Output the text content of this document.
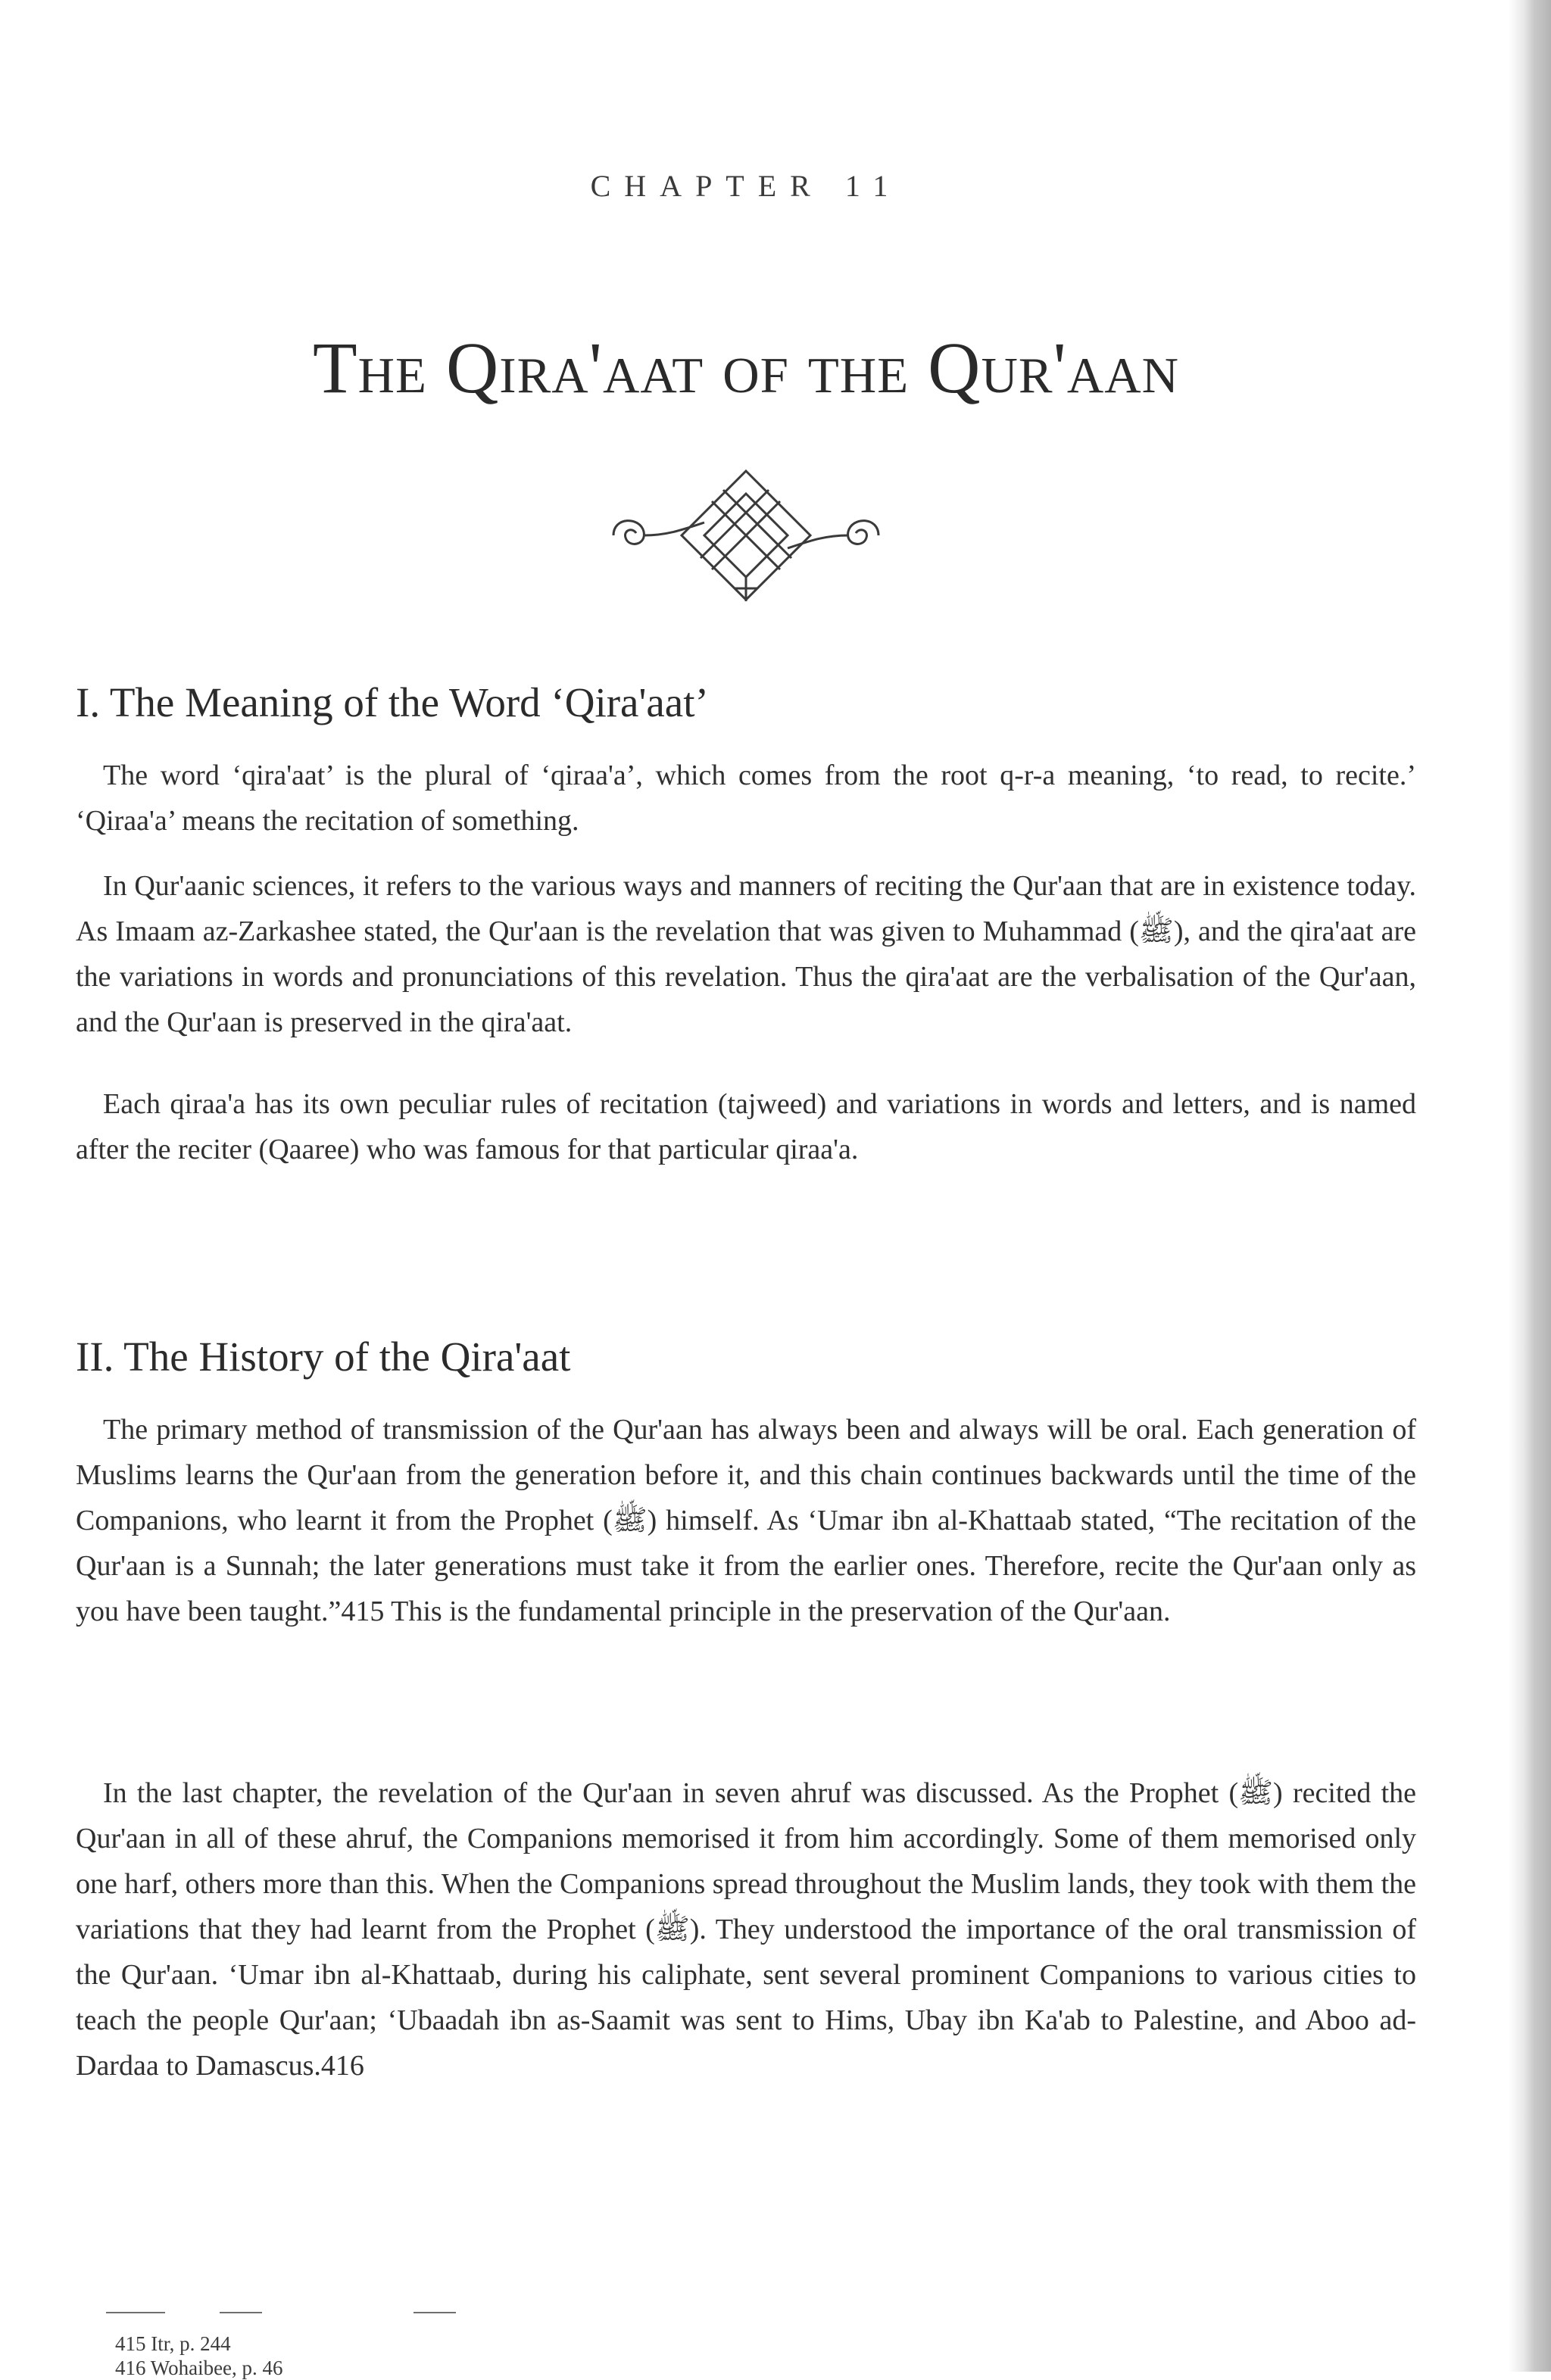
CHAPTER 11
The Qira'aat of the Qur'aan
I. The Meaning of the Word ‘Qira'aat’

The word ‘qira'aat’ is the plural of ‘qiraa'a’, which comes from the root q-r-a meaning, ‘to read, to recite.’ ‘Qiraa'a’ means the recitation of something.

In Qur'aanic sciences, it refers to the various ways and manners of reciting the Qur'aan that are in existence today. As Imaam az-Zarkashee stated, the Qur'aan is the revelation that was given to Muhammad (ﷺ), and the qira'aat are the variations in words and pronunciations of this revelation. Thus the qira'aat are the verbalisation of the Qur'aan, and the Qur'aan is preserved in the qira'aat.

Each qiraa'a has its own peculiar rules of recitation (tajweed) and variations in words and letters, and is named after the reciter (Qaaree) who was famous for that particular qiraa'a.

II. The History of the Qira'aat

The primary method of transmission of the Qur'aan has always been and always will be oral. Each generation of Muslims learns the Qur'aan from the generation before it, and this chain continues backwards until the time of the Companions, who learnt it from the Prophet (ﷺ) himself. As ‘Umar ibn al-Khattaab stated, “The recitation of the Qur'aan is a Sunnah; the later generations must take it from the earlier ones. Therefore, recite the Qur'aan only as you have been taught.”415 This is the fundamental principle in the preservation of the Qur'aan.

In the last chapter, the revelation of the Qur'aan in seven ahruf was discussed. As the Prophet (ﷺ) recited the Qur'aan in all of these ahruf, the Companions memorised it from him accordingly. Some of them memorised only one harf, others more than this. When the Companions spread throughout the Muslim lands, they took with them the variations that they had learnt from the Prophet (ﷺ). They understood the importance of the oral transmission of the Qur'aan. ‘Umar ibn al-Khattaab, during his caliphate, sent several prominent Companions to various cities to teach the people Qur'aan; ‘Ubaadah ibn as-Saamit was sent to Hims, Ubay ibn Ka'ab to Palestine, and Aboo ad-Dardaa to Damascus.416

415 Itr, p. 244
416 Wohaibee, p. 46
